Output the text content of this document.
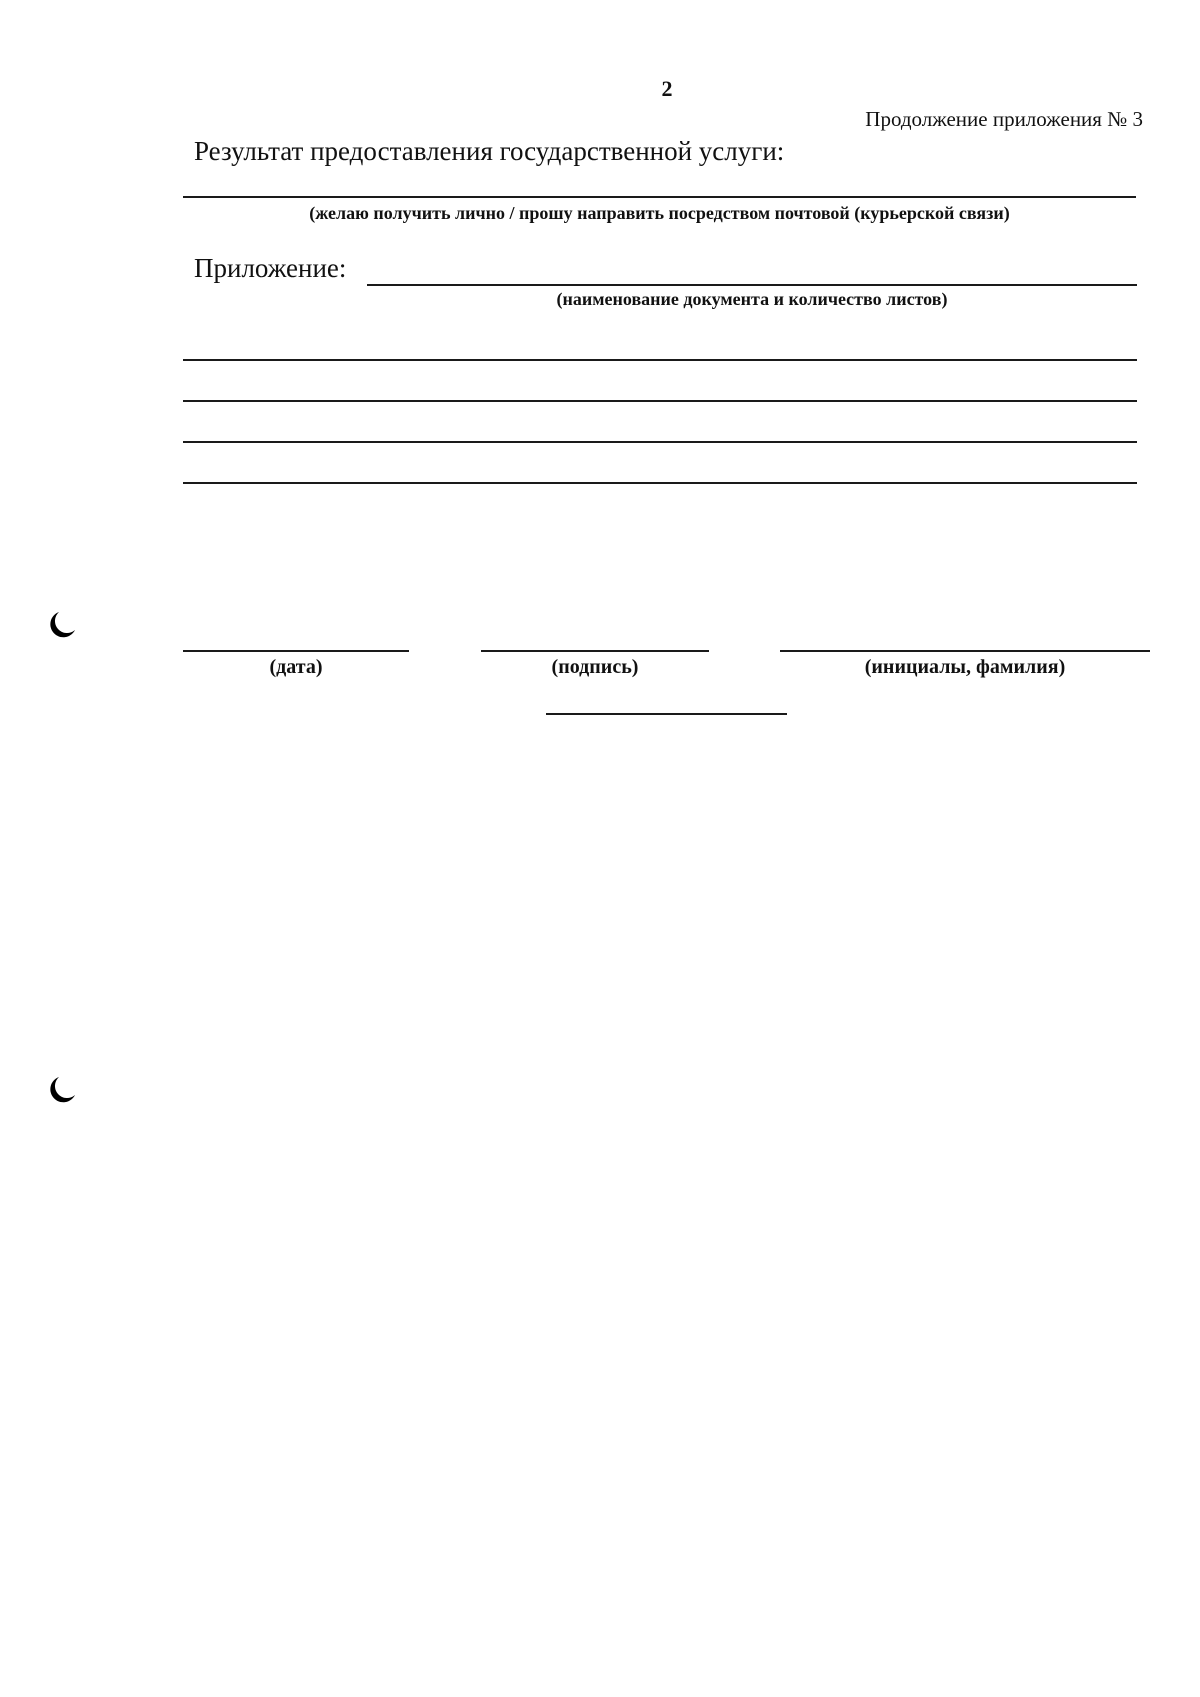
2
Продолжение приложения № 3
Результат предоставления государственной услуги:
(желаю получить лично / прошу направить посредством почтовой (курьерской связи)
Приложение:
(наименование документа и количество листов)
(дата)	(подпись)	(инициалы, фамилия)
